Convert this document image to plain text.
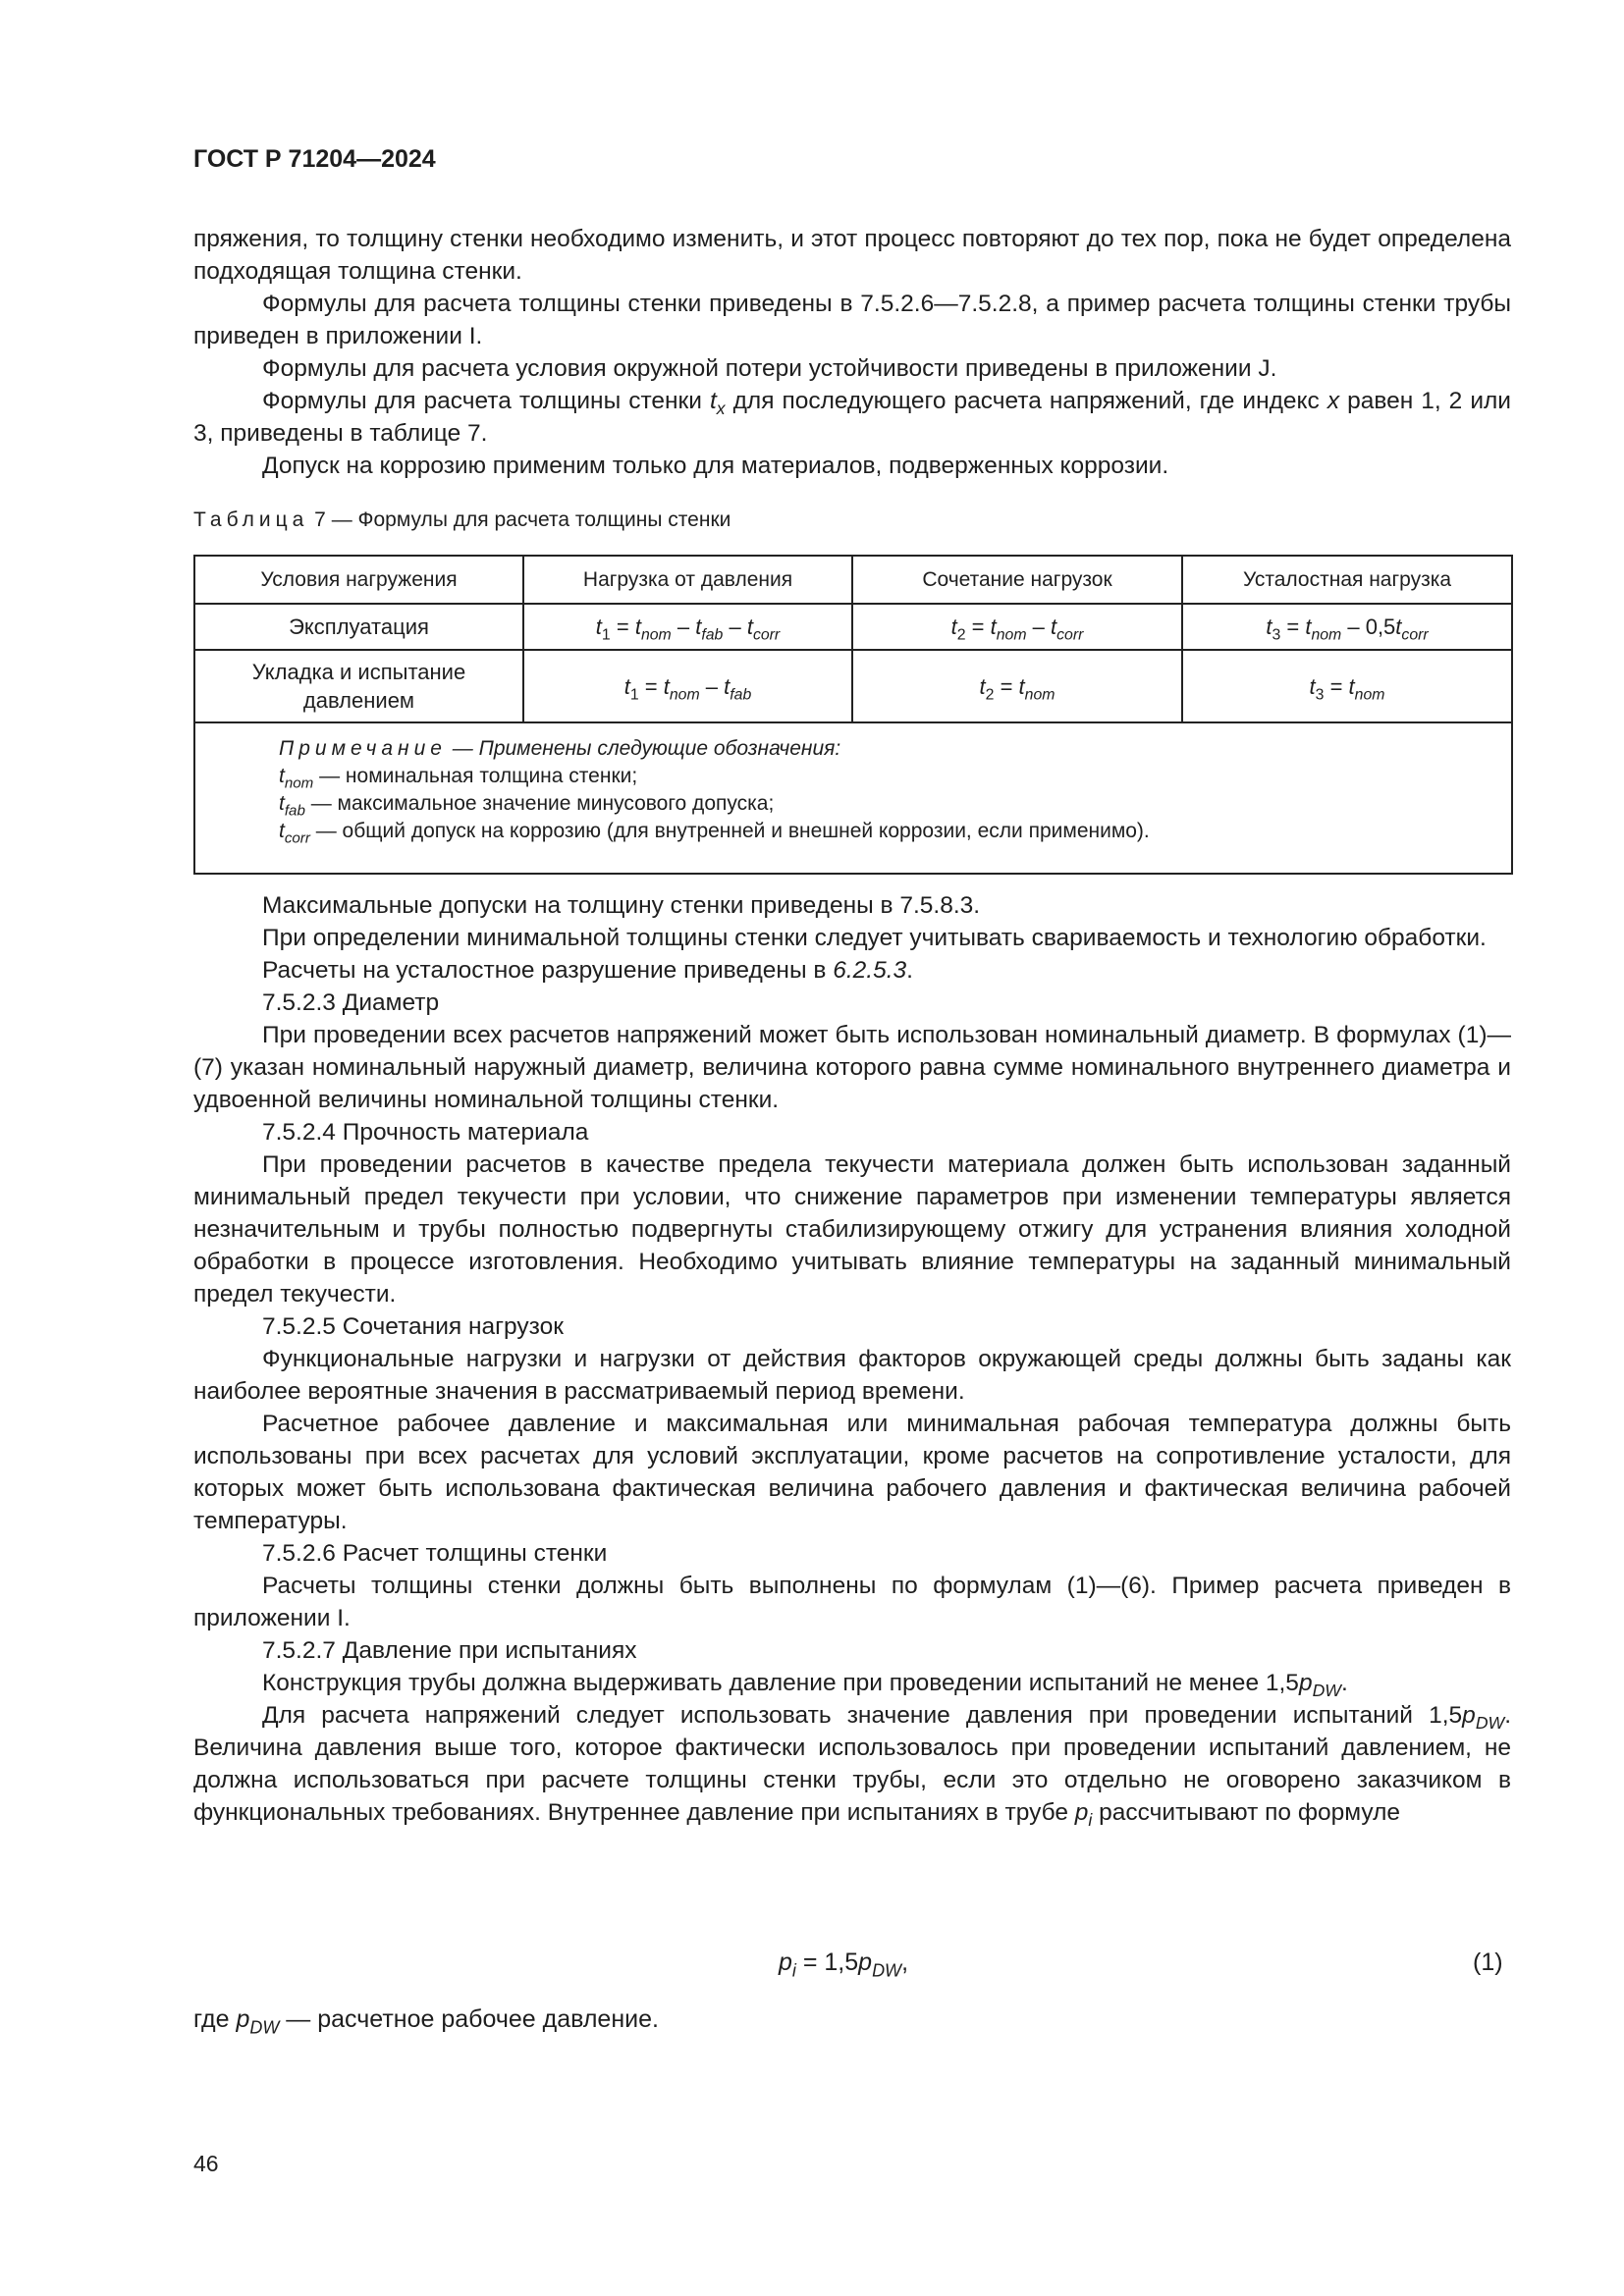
ГОСТ Р 71204—2024

пряжения, то толщину стенки необходимо изменить, и этот процесс повторяют до тех пор, пока не будет определена подходящая толщина стенки.

Формулы для расчета толщины стенки приведены в 7.5.2.6—7.5.2.8, а пример расчета толщины стенки трубы приведен в приложении I.

Формулы для расчета условия окружной потери устойчивости приведены в приложении J.

Формулы для расчета толщины стенки $t_x$ для последующего расчета напряжений, где индекс x равен 1, 2 или 3, приведены в таблице 7.

Допуск на коррозию применим только для материалов, подверженных коррозии.

Таблица 7 — Формулы для расчета толщины стенки
Условия нагружения	Нагрузка от давления	Сочетание нагрузок	Усталостная нагрузка
Эксплуатация	$t_1 = t_{nom} - t_{fab} - t_{corr}$	$t_2 = t_{nom} - t_{corr}$	$t_3 = t_{nom} - 0,5t_{corr}$
Укладка и испытание давлением	$t_1 = t_{nom} - t_{fab}$	$t_2 = t_{nom}$	$t_3 = t_{nom}$

Примечание — Применены следующие обозначения:
$t_{nom}$ — номинальная толщина стенки;
$t_{fab}$ — максимальное значение минусового допуска;
$t_{corr}$ — общий допуск на коррозию (для внутренней и внешней коррозии, если применимо).			

Максимальные допуски на толщину стенки приведены в 7.5.8.3.

При определении минимальной толщины стенки следует учитывать свариваемость и технологию обработки.

Расчеты на усталостное разрушение приведены в 6.2.5.3.

7.5.2.3 Диаметр

При проведении всех расчетов напряжений может быть использован номинальный диаметр. В формулах (1)—(7) указан номинальный наружный диаметр, величина которого равна сумме номинального внутреннего диаметра и удвоенной величины номинальной толщины стенки.

7.5.2.4 Прочность материала

При проведении расчетов в качестве предела текучести материала должен быть использован заданный минимальный предел текучести при условии, что снижение параметров при изменении температуры является незначительным и трубы полностью подвергнуты стабилизирующему отжигу для устранения влияния холодной обработки в процессе изготовления. Необходимо учитывать влияние температуры на заданный минимальный предел текучести.

7.5.2.5 Сочетания нагрузок

Функциональные нагрузки и нагрузки от действия факторов окружающей среды должны быть заданы как наиболее вероятные значения в рассматриваемый период времени.

Расчетное рабочее давление и максимальная или минимальная рабочая температура должны быть использованы при всех расчетах для условий эксплуатации, кроме расчетов на сопротивление усталости, для которых может быть использована фактическая величина рабочего давления и фактическая величина рабочей температуры.

7.5.2.6 Расчет толщины стенки

Расчеты толщины стенки должны быть выполнены по формулам (1)—(6). Пример расчета приведен в приложении I.

7.5.2.7 Давление при испытаниях

Конструкция трубы должна выдерживать давление при проведении испытаний не менее $1,5p_{DW}$.

Для расчета напряжений следует использовать значение давления при проведении испытаний $1,5p_{DW}$. Величина давления выше того, которое фактически использовалось при проведении испытаний давлением, не должна использоваться при расчете толщины стенки трубы, если это отдельно не оговорено заказчиком в функциональных требованиях. Внутреннее давление при испытаниях в трубе $p_i$ рассчитывают по формуле

$p_i = 1,5p_{DW}$,	(1)
где $p_{DW}$ — расчетное рабочее давление.
46
